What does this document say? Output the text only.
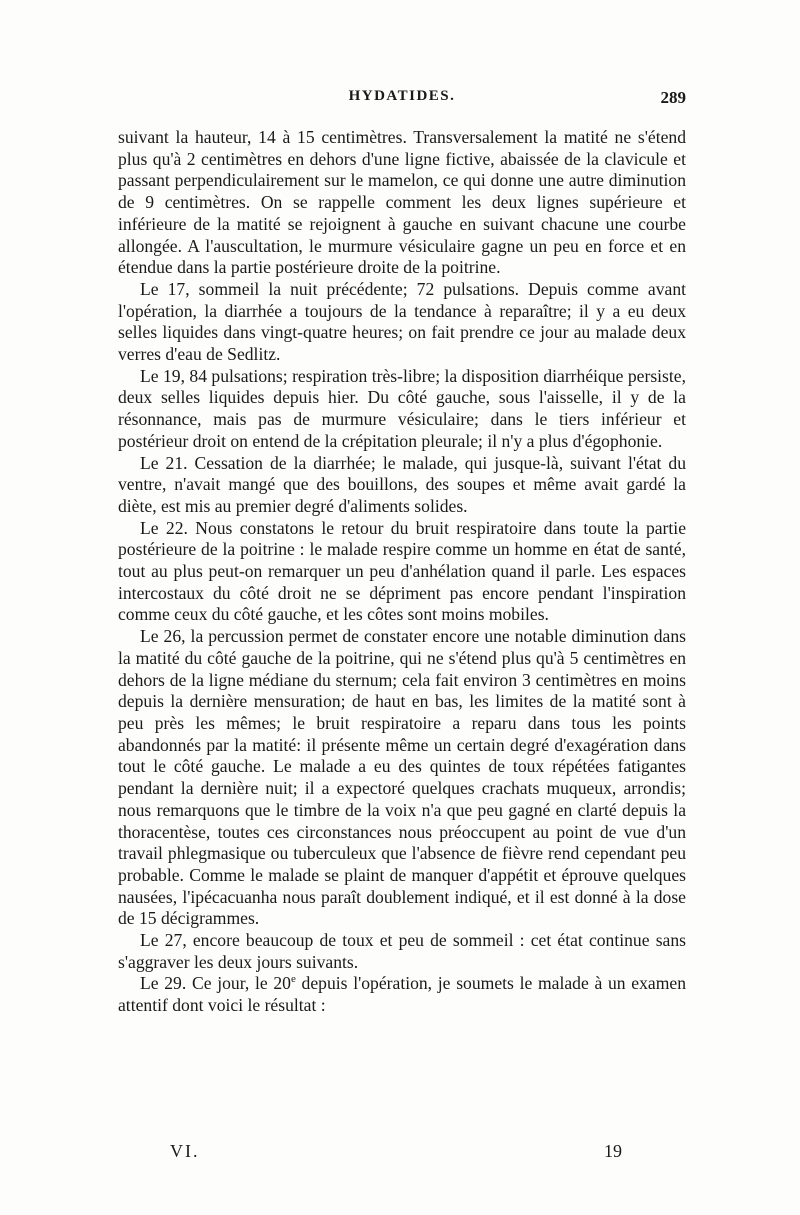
HYDATIDES.	289

suivant la hauteur, 14 à 15 centimètres. Transversalement la matité ne s'étend plus qu'à 2 centimètres en dehors d'une ligne fictive, abaissée de la clavicule et passant perpendiculairement sur le mamelon, ce qui donne une autre diminution de 9 centimètres. On se rappelle comment les deux lignes supérieure et inférieure de la matité se rejoignent à gauche en suivant chacune une courbe allongée. A l'auscultation, le murmure vésiculaire gagne un peu en force et en étendue dans la partie postérieure droite de la poitrine.

Le 17, sommeil la nuit précédente; 72 pulsations. Depuis comme avant l'opération, la diarrhée a toujours de la tendance à reparaître; il y a eu deux selles liquides dans vingt-quatre heures; on fait prendre ce jour au malade deux verres d'eau de Sedlitz.

Le 19, 84 pulsations; respiration très-libre; la disposition diarrhéique persiste, deux selles liquides depuis hier. Du côté gauche, sous l'aisselle, il y de la résonnance, mais pas de murmure vésiculaire; dans le tiers inférieur et postérieur droit on entend de la crépitation pleurale; il n'y a plus d'égophonie.

Le 21. Cessation de la diarrhée; le malade, qui jusque-là, suivant l'état du ventre, n'avait mangé que des bouillons, des soupes et même avait gardé la diète, est mis au premier degré d'aliments solides.

Le 22. Nous constatons le retour du bruit respiratoire dans toute la partie postérieure de la poitrine : le malade respire comme un homme en état de santé, tout au plus peut-on remarquer un peu d'anhélation quand il parle. Les espaces intercostaux du côté droit ne se dépriment pas encore pendant l'inspiration comme ceux du côté gauche, et les côtes sont moins mobiles.

Le 26, la percussion permet de constater encore une notable diminution dans la matité du côté gauche de la poitrine, qui ne s'étend plus qu'à 5 centimètres en dehors de la ligne médiane du sternum; cela fait environ 3 centimètres en moins depuis la dernière mensuration; de haut en bas, les limites de la matité sont à peu près les mêmes; le bruit respiratoire a reparu dans tous les points abandonnés par la matité: il présente même un certain degré d'exagération dans tout le côté gauche. Le malade a eu des quintes de toux répétées fatigantes pendant la dernière nuit; il a expectoré quelques crachats muqueux, arrondis; nous remarquons que le timbre de la voix n'a que peu gagné en clarté depuis la thoracentèse, toutes ces circonstances nous préoccupent au point de vue d'un travail phlegmasique ou tuberculeux que l'absence de fièvre rend cependant peu probable. Comme le malade se plaint de manquer d'appétit et éprouve quelques nausées, l'ipécacuanha nous paraît doublement indiqué, et il est donné à la dose de 15 décigrammes.

Le 27, encore beaucoup de toux et peu de sommeil : cet état continue sans s'aggraver les deux jours suivants.

Le 29. Ce jour, le 20e depuis l'opération, je soumets le malade à un examen attentif dont voici le résultat :

VI.	19
